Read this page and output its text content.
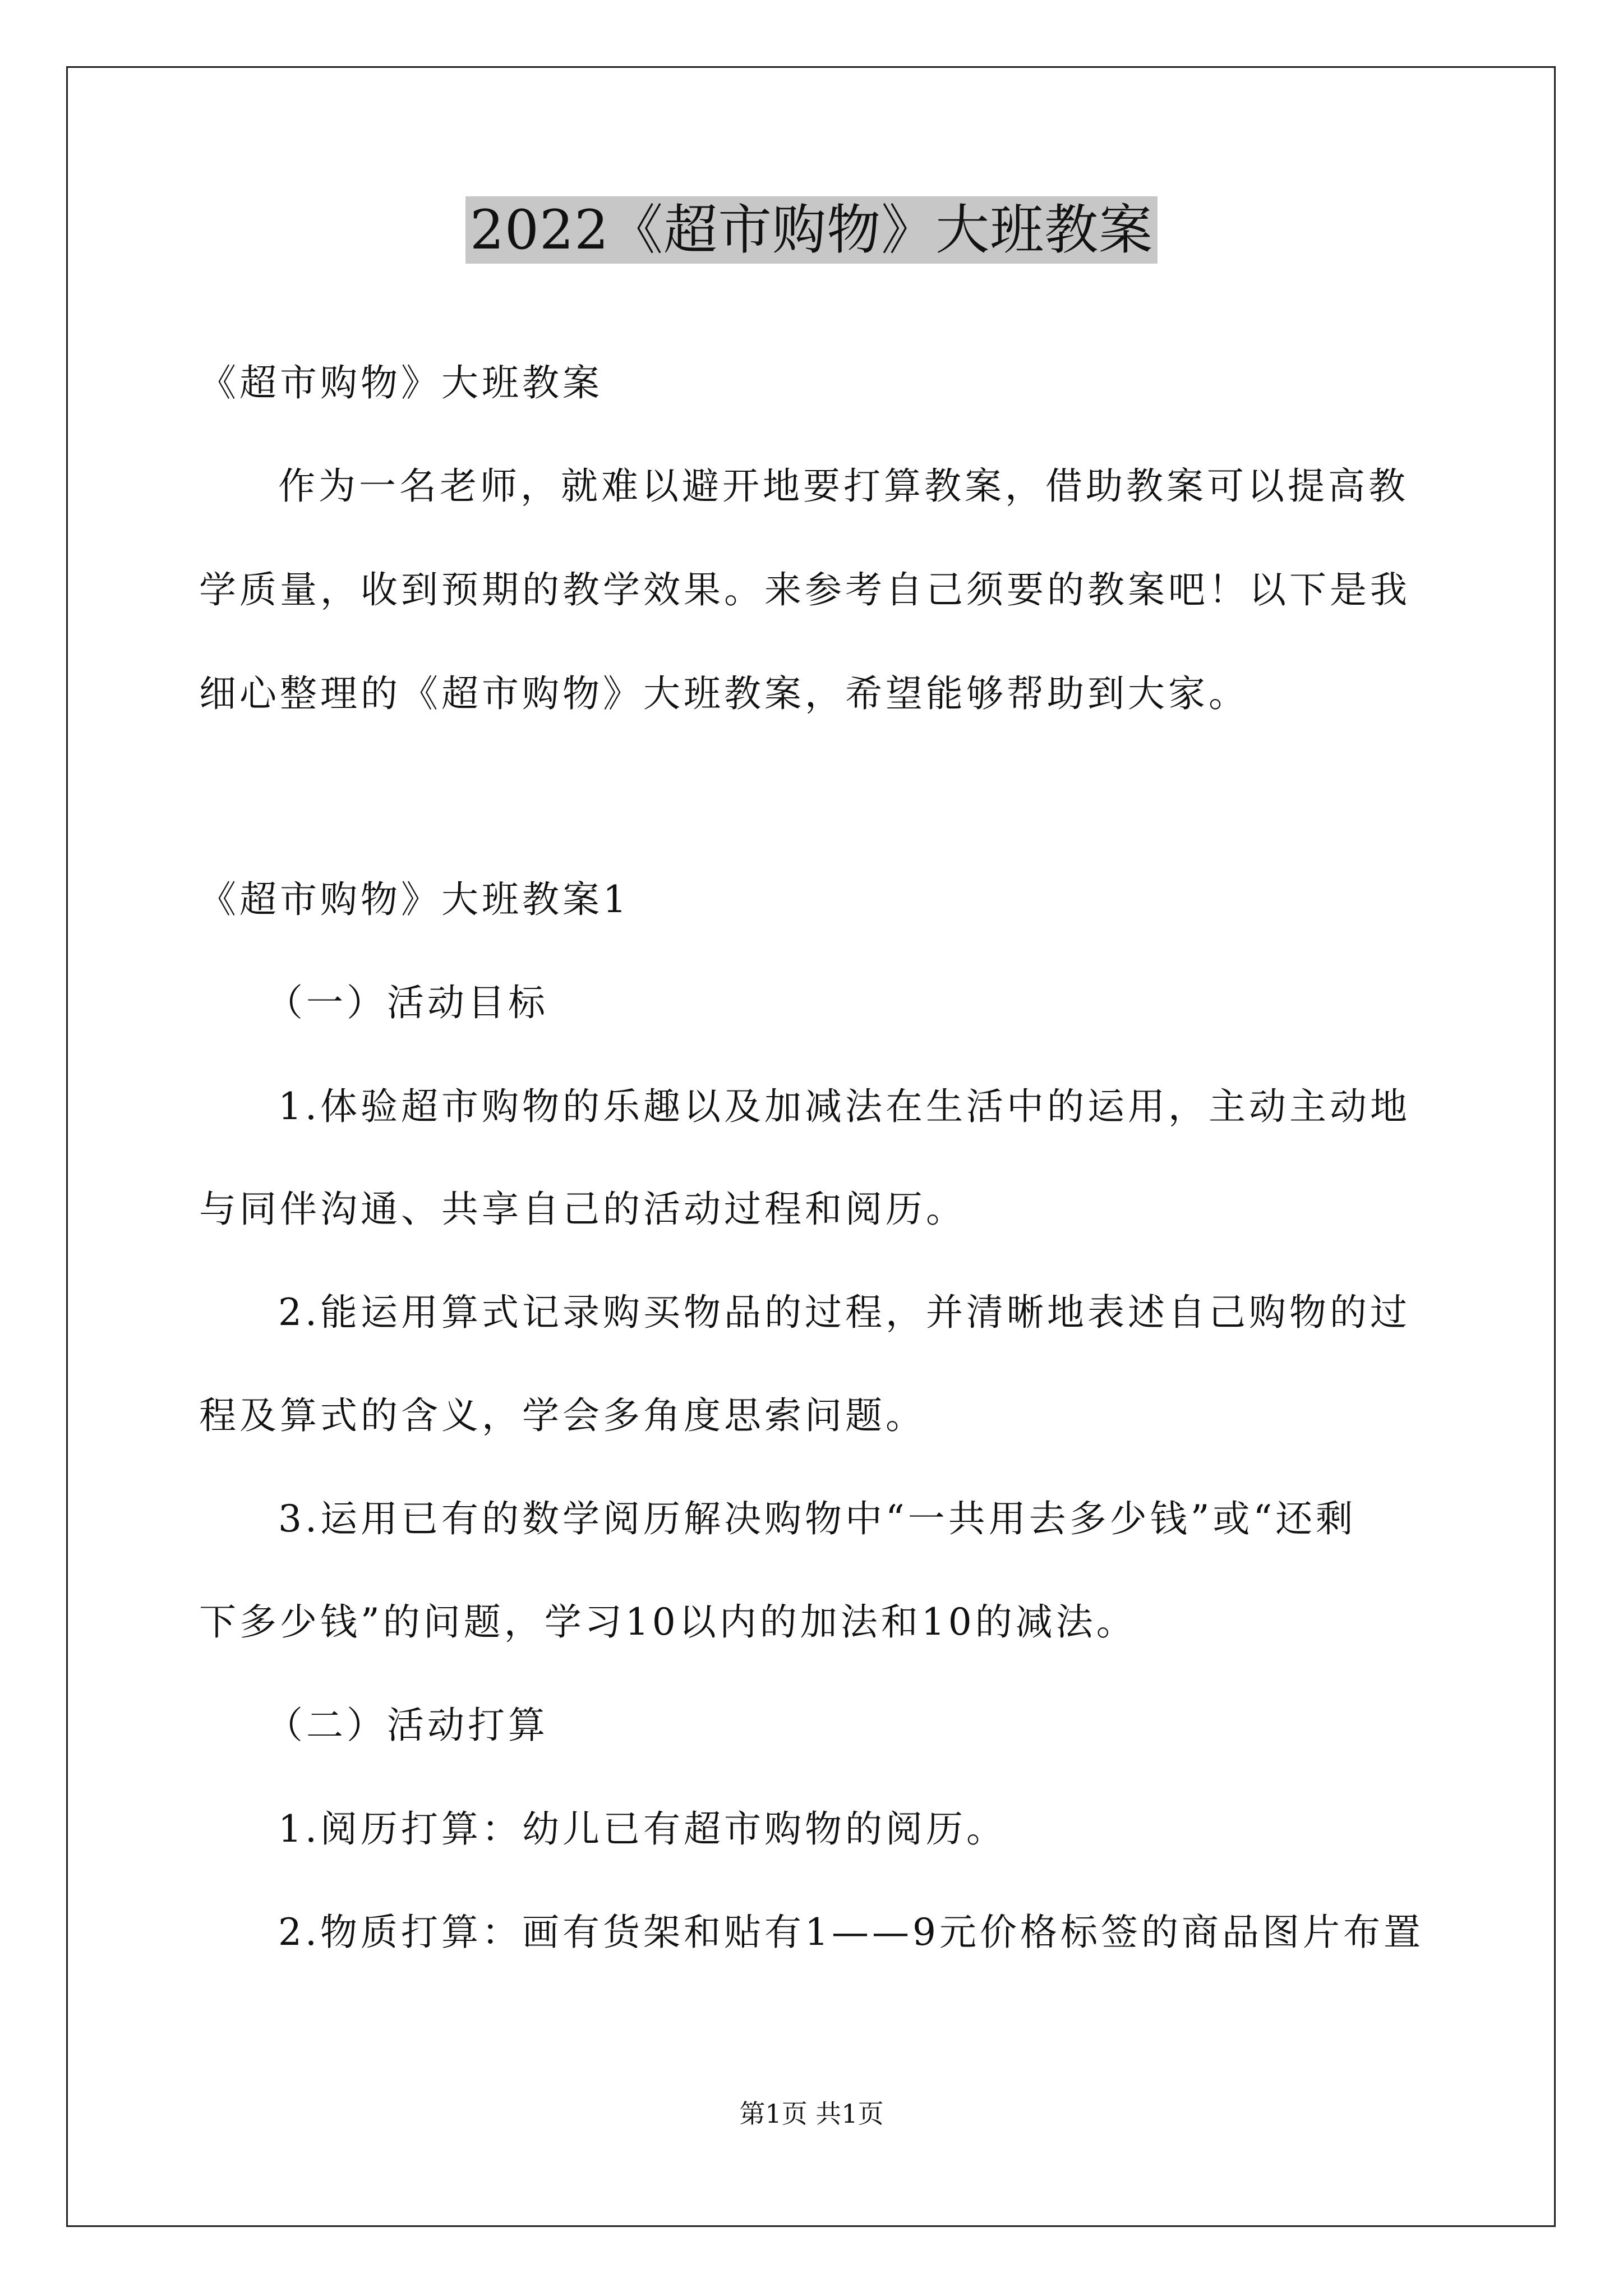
2022《超市购物》大班教案
《超市购物》大班教案
作为一名老师，就难以避开地要打算教案，借助教案可以提高教
学质量，收到预期的教学效果。来参考自己须要的教案吧！以下是我
细心整理的《超市购物》大班教案，希望能够帮助到大家。
《超市购物》大班教案1
（一）活动目标
1.体验超市购物的乐趣以及加减法在生活中的运用，主动主动地
与同伴沟通、共享自己的活动过程和阅历。
2.能运用算式记录购买物品的过程，并清晰地表述自己购物的过
程及算式的含义，学会多角度思索问题。
3.运用已有的数学阅历解决购物中“一共用去多少钱”或“还剩
下多少钱”的问题，学习10以内的加法和10的减法。
（二）活动打算
1.阅历打算：幼儿已有超市购物的阅历。
2.物质打算：画有货架和贴有1——9元价格标签的商品图片布置
第1页 共1页
